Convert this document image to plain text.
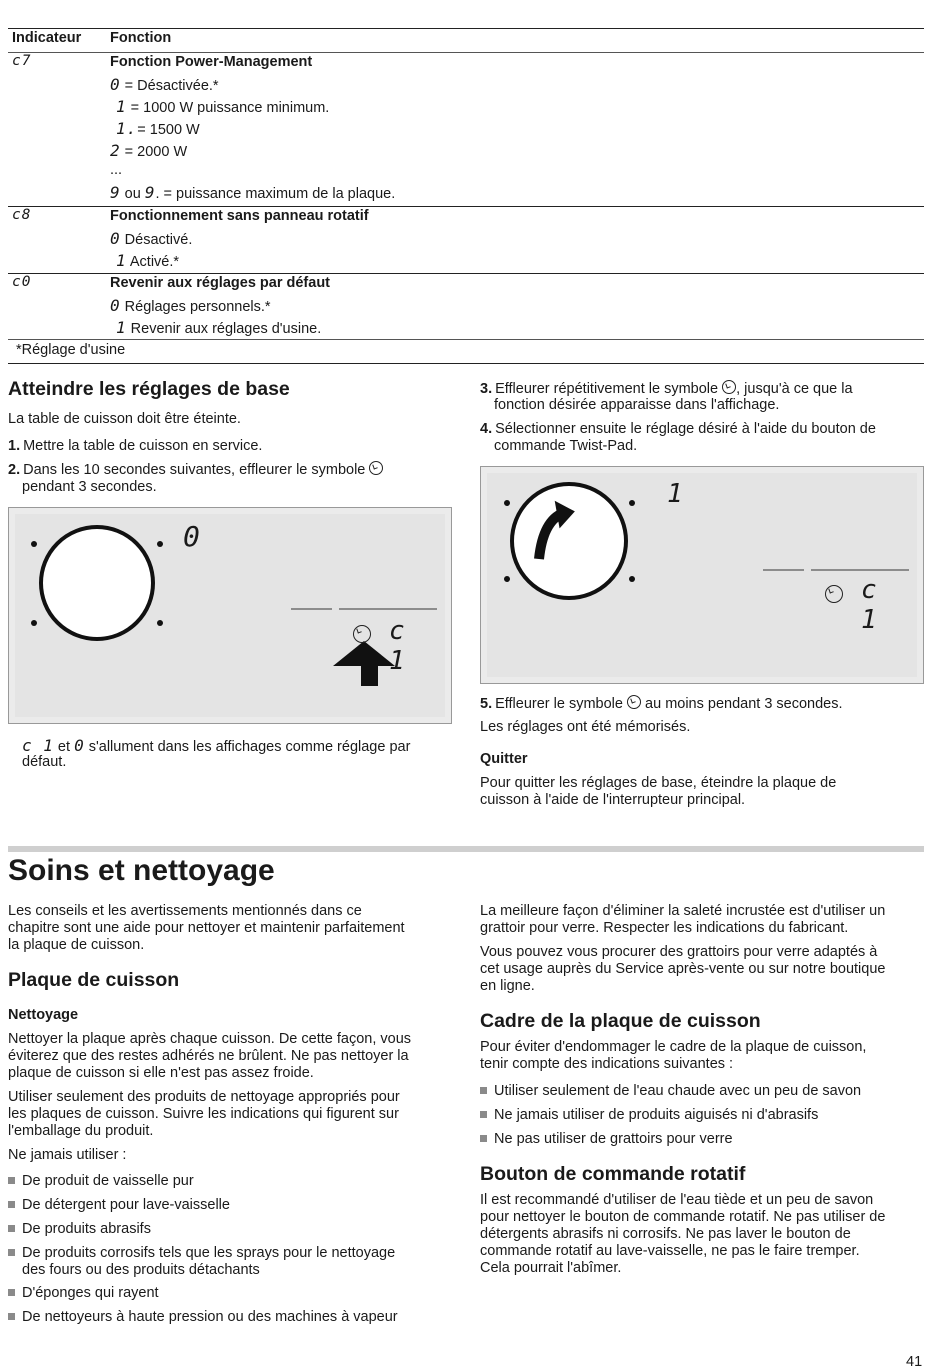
Indicateur Fonction
c7	Fonction Power-Management
0 = Désactivée.*
1 = 1000 W puissance minimum.
1.= 1500 W
2 = 2000 W
...
9 ou 9. = puissance maximum de la plaque.
c8	Fonctionnement sans panneau rotatif
0 Désactivé.
1 Activé.*
c0	Revenir aux réglages par défaut
0 Réglages personnels.*
1 Revenir aux réglages d'usine.
*Réglage d'usine
Atteindre les réglages de base
La table de cuisson doit être éteinte.
1. Mettre la table de cuisson en service.
2. Dans les 10 secondes suivantes, effleurer le symbole
pendant 3 secondes.
0
c 1
c 1 et 0 s'allument dans les affichages comme réglage par
défaut.
3. Effleurer répétitivement le symbole , jusqu'à ce que la
fonction désirée apparaisse dans l'affichage.
4. Sélectionner ensuite le réglage désiré à l'aide du bouton de
commande Twist-Pad.
1
c 1
5. Effleurer le symbole au moins pendant 3 secondes.
Les réglages ont été mémorisés.
Quitter
Pour quitter les réglages de base, éteindre la plaque de
cuisson à l'aide de l'interrupteur principal.
Soins et nettoyage
Les conseils et les avertissements mentionnés dans ce
chapitre sont une aide pour nettoyer et maintenir parfaitement
la plaque de cuisson.
Plaque de cuisson
Nettoyage
Nettoyer la plaque après chaque cuisson. De cette façon, vous
éviterez que des restes adhérés ne brûlent. Ne pas nettoyer la
plaque de cuisson si elle n'est pas assez froide.
Utiliser seulement des produits de nettoyage appropriés pour
les plaques de cuisson. Suivre les indications qui figurent sur
l'emballage du produit.
Ne jamais utiliser :
De produit de vaisselle pur
De détergent pour lave-vaisselle
De produits abrasifs
De produits corrosifs tels que les sprays pour le nettoyage
des fours ou des produits détachants
D'éponges qui rayent
De nettoyeurs à haute pression ou des machines à vapeur
La meilleure façon d'éliminer la saleté incrustée est d'utiliser un
grattoir pour verre. Respecter les indications du fabricant.
Vous pouvez vous procurer des grattoirs pour verre adaptés à
cet usage auprès du Service après-vente ou sur notre boutique
en ligne.
Cadre de la plaque de cuisson
Pour éviter d'endommager le cadre de la plaque de cuisson,
tenir compte des indications suivantes :
Utiliser seulement de l'eau chaude avec un peu de savon
Ne jamais utiliser de produits aiguisés ni d'abrasifs
Ne pas utiliser de grattoirs pour verre
Bouton de commande rotatif
Il est recommandé d'utiliser de l'eau tiède et un peu de savon
pour nettoyer le bouton de commande rotatif. Ne pas utiliser de
détergents abrasifs ni corrosifs. Ne pas laver le bouton de
commande rotatif au lave-vaisselle, ne pas le faire tremper.
Cela pourrait l'abîmer.
41
